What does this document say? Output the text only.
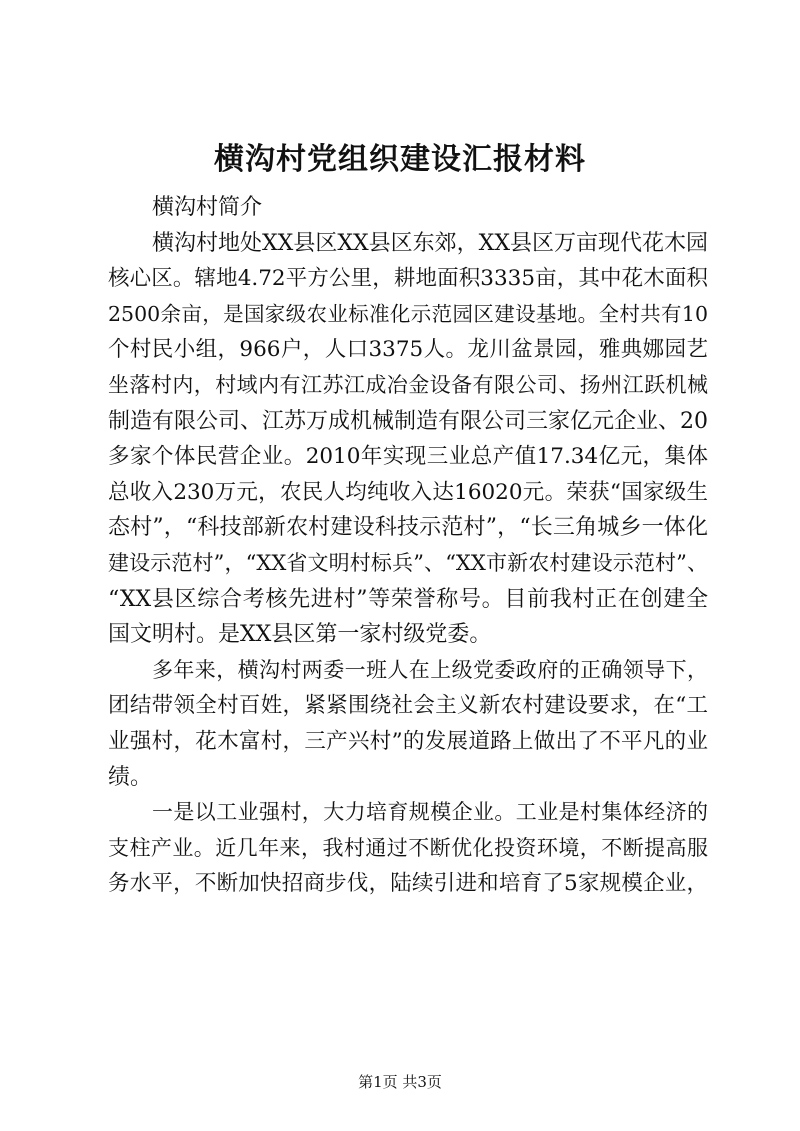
横沟村党组织建设汇报材料
横沟村简介
横沟村地处XX县区XX县区东郊，XX县区万亩现代花木园
核心区。辖地4.72平方公里，耕地面积3335亩，其中花木面积
2500余亩，是国家级农业标准化示范园区建设基地。全村共有10
个村民小组，966户，人口3375人。龙川盆景园，雅典娜园艺
坐落村内，村域内有江苏江成冶金设备有限公司、扬州江跃机械
制造有限公司、江苏万成机械制造有限公司三家亿元企业、20
多家个体民营企业。2010年实现三业总产值17.34亿元，集体
总收入230万元，农民人均纯收入达16020元。荣获“国家级生
态村”，“科技部新农村建设科技示范村”，“长三角城乡一体化
建设示范村”，“XX省文明村标兵”、“XX市新农村建设示范村”、
“XX县区综合考核先进村”等荣誉称号。目前我村正在创建全
国文明村。是XX县区第一家村级党委。
多年来，横沟村两委一班人在上级党委政府的正确领导下，
团结带领全村百姓，紧紧围绕社会主义新农村建设要求，在“工
业强村，花木富村，三产兴村”的发展道路上做出了不平凡的业
绩。
一是以工业强村，大力培育规模企业。工业是村集体经济的
支柱产业。近几年来，我村通过不断优化投资环境，不断提高服
务水平，不断加快招商步伐，陆续引进和培育了5家规模企业，
第1页 共3页
